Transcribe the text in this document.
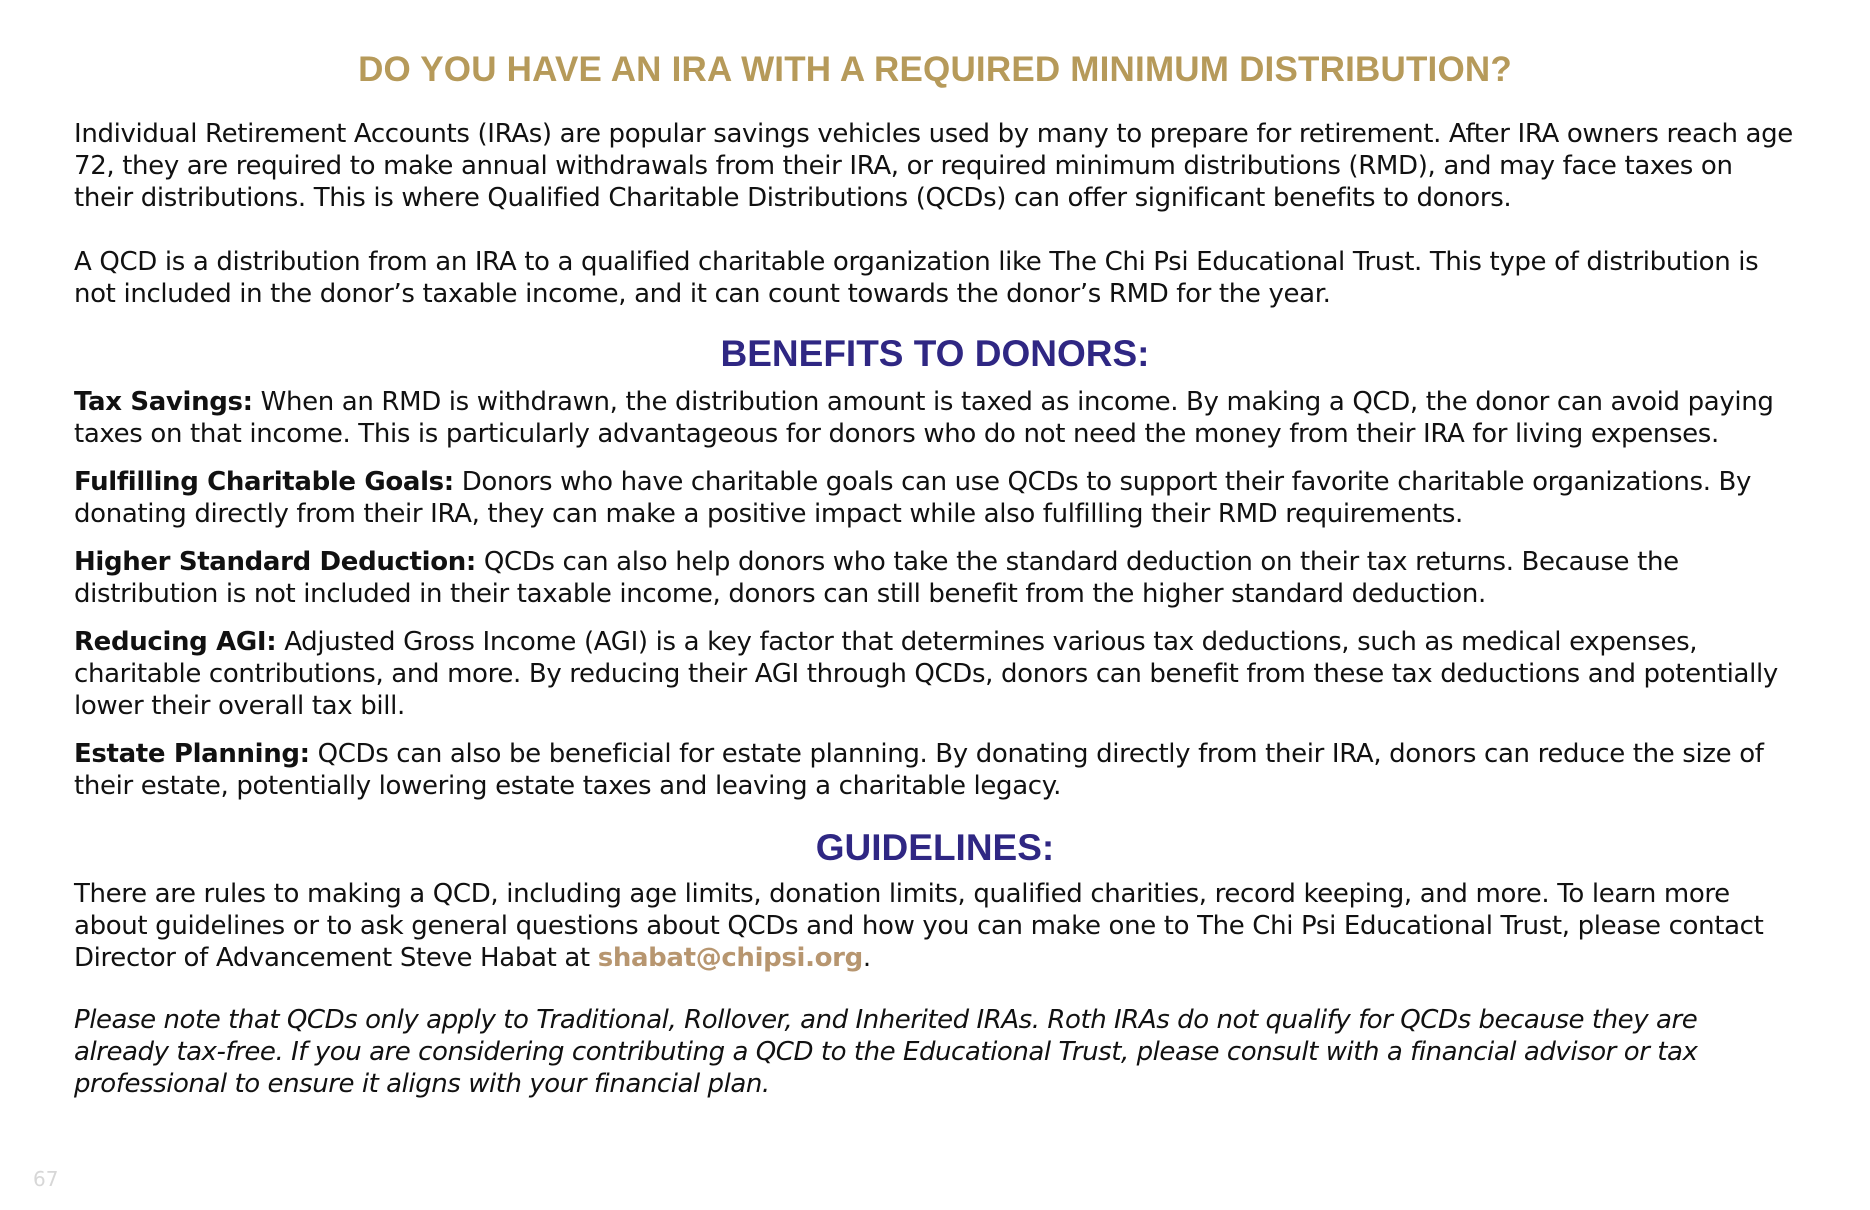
DO YOU HAVE AN IRA WITH A REQUIRED MINIMUM DISTRIBUTION?

Individual Retirement Accounts (IRAs) are popular savings vehicles used by many to prepare for retirement. After IRA owners reach age 72, they are required to make annual withdrawals from their IRA, or required minimum distributions (RMD), and may face taxes on their distributions. This is where Qualified Charitable Distributions (QCDs) can offer significant benefits to donors.

A QCD is a distribution from an IRA to a qualified charitable organization like The Chi Psi Educational Trust. This type of distribution is not included in the donor’s taxable income, and it can count towards the donor’s RMD for the year.

BENEFITS TO DONORS:

Tax Savings: When an RMD is withdrawn, the distribution amount is taxed as income. By making a QCD, the donor can avoid paying taxes on that income. This is particularly advantageous for donors who do not need the money from their IRA for living expenses.

Fulfilling Charitable Goals: Donors who have charitable goals can use QCDs to support their favorite charitable organizations. By donating directly from their IRA, they can make a positive impact while also fulfilling their RMD requirements.

Higher Standard Deduction: QCDs can also help donors who take the standard deduction on their tax returns. Because the distribution is not included in their taxable income, donors can still benefit from the higher standard deduction.

Reducing AGI: Adjusted Gross Income (AGI) is a key factor that determines various tax deductions, such as medical expenses, charitable contributions, and more. By reducing their AGI through QCDs, donors can benefit from these tax deductions and potentially lower their overall tax bill.

Estate Planning: QCDs can also be beneficial for estate planning. By donating directly from their IRA, donors can reduce the size of their estate, potentially lowering estate taxes and leaving a charitable legacy.

GUIDELINES:

There are rules to making a QCD, including age limits, donation limits, qualified charities, record keeping, and more. To learn more about guidelines or to ask general questions about QCDs and how you can make one to The Chi Psi Educational Trust, please contact Director of Advancement Steve Habat at shabat@chipsi.org.

Please note that QCDs only apply to Traditional, Rollover, and Inherited IRAs. Roth IRAs do not qualify for QCDs because they are already tax-free. If you are considering contributing a QCD to the Educational Trust, please consult with a financial advisor or tax professional to ensure it aligns with your financial plan.

67
